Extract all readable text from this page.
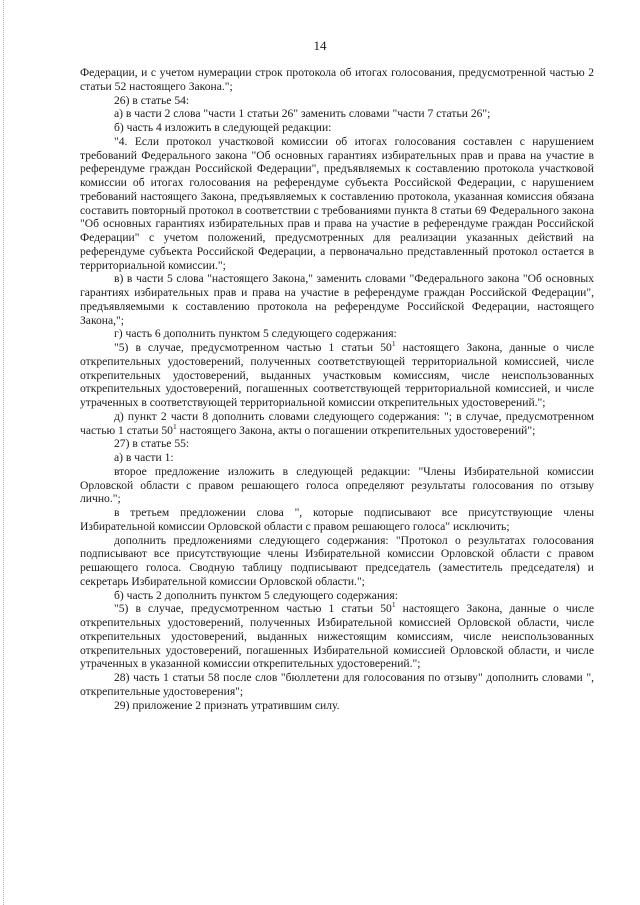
14

Федерации, и с учетом нумерации строк протокола об итогах голосования, предусмотренной частью 2 статьи 52 настоящего Закона.";

26) в статье 54:

а) в части 2 слова "части 1 статьи 26" заменить словами "части 7 статьи 26";

б) часть 4 изложить в следующей редакции:

"4. Если протокол участковой комиссии об итогах голосования составлен с нарушением требований Федерального закона "Об основных гарантиях избирательных прав и права на участие в референдуме граждан Российской Федерации", предъявляемых к составлению протокола участковой комиссии об итогах голосования на референдуме субъекта Российской Федерации, с нарушением требований настоящего Закона, предъявляемых к составлению протокола, указанная комиссия обязана составить повторный протокол в соответствии с требованиями пункта 8 статьи 69 Федерального закона "Об основных гарантиях избирательных прав и права на участие в референдуме граждан Российской Федерации" с учетом положений, предусмотренных для реализации указанных действий на референдуме субъекта Российской Федерации, а первоначально представленный протокол остается в территориальной комиссии.";

в) в части 5 слова "настоящего Закона," заменить словами "Федерального закона "Об основных гарантиях избирательных прав и права на участие в референдуме граждан Российской Федерации", предъявляемыми к составлению протокола на референдуме Российской Федерации, настоящего Закона,";

г) часть 6 дополнить пунктом 5 следующего содержания:

"5) в случае, предусмотренном частью 1 статьи $50^1$ настоящего Закона, данные о числе открепительных удостоверений, полученных соответствующей территориальной комиссией, числе открепительных удостоверений, выданных участковым комиссиям, числе неиспользованных открепительных удостоверений, погашенных соответствующей территориальной комиссией, и числе утраченных в соответствующей территориальной комиссии открепительных удостоверений.";

д) пункт 2 части 8 дополнить словами следующего содержания: "; в случае, предусмотренном частью 1 статьи $50^1$ настоящего Закона, акты о погашении открепительных удостоверений";

27) в статье 55:

а) в части 1:

второе предложение изложить в следующей редакции: "Члены Избирательной комиссии Орловской области с правом решающего голоса определяют результаты голосования по отзыву лично.";

в третьем предложении слова ", которые подписывают все присутствующие члены Избирательной комиссии Орловской области с правом решающего голоса" исключить;

дополнить предложениями следующего содержания: "Протокол о результатах голосования подписывают все присутствующие члены Избирательной комиссии Орловской области с правом решающего голоса. Сводную таблицу подписывают председатель (заместитель председателя) и секретарь Избирательной комиссии Орловской области.";

б) часть 2 дополнить пунктом 5 следующего содержания:

"5) в случае, предусмотренном частью 1 статьи $50^1$ настоящего Закона, данные о числе открепительных удостоверений, полученных Избирательной комиссией Орловской области, числе открепительных удостоверений, выданных нижестоящим комиссиям, числе неиспользованных открепительных удостоверений, погашенных Избирательной комиссией Орловской области, и числе утраченных в указанной комиссии открепительных удостоверений.";

28) часть 1 статьи 58 после слов "бюллетени для голосования по отзыву" дополнить словами ", открепительные удостоверения";

29) приложение 2 признать утратившим силу.
